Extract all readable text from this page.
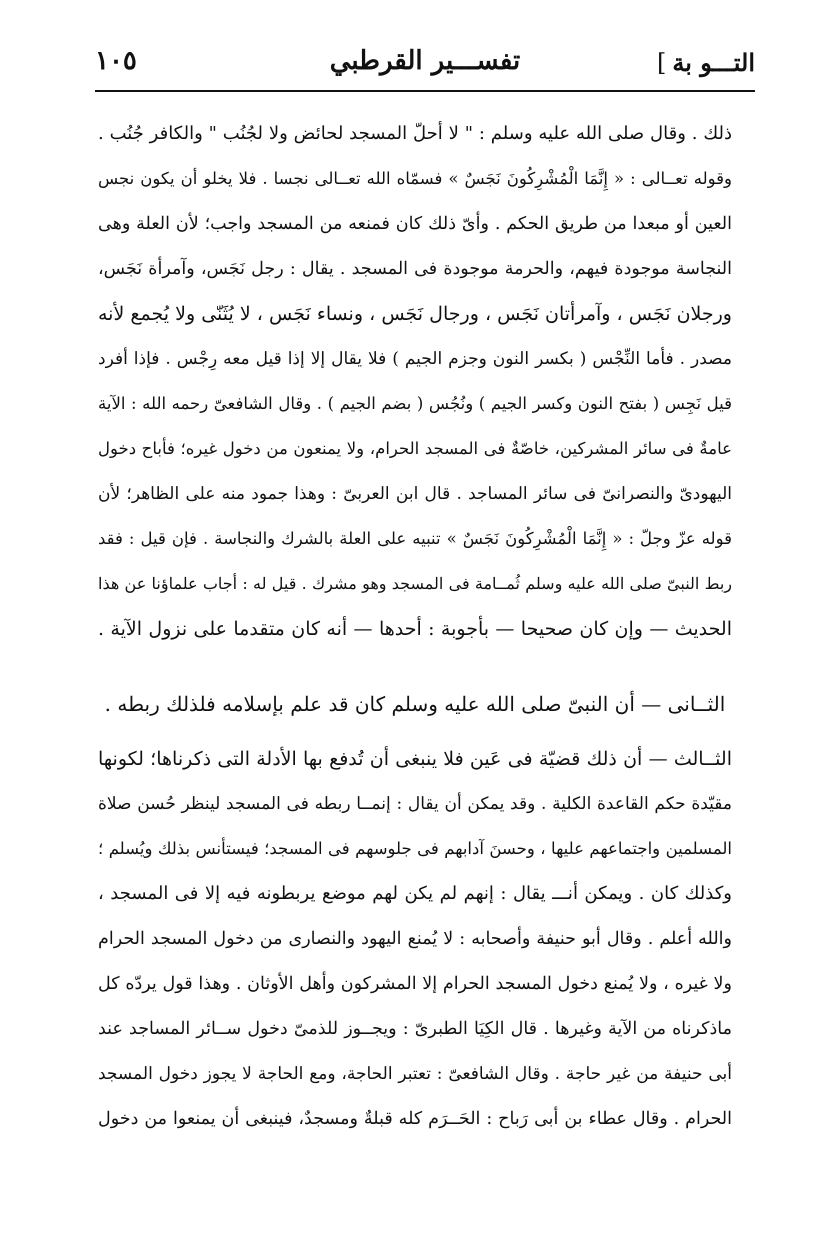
التـــو بة]
تفســـير القرطبي
١٠٥
ذلك . وقال صلى الله عليه وسلم : " لا أحلّ المسجد لحائض ولا لجُنُب " والكافر جُنُب .
وقوله تعــالى : « إِنَّمَا الْمُشْرِكُونَ نَجَسٌ » فسمّاه الله تعــالى نجسا . فلا يخلو أن يكون نجس
العين أو مبعدا من طريق الحكم . وأىّ ذلك كان فمنعه من المسجد واجب؛ لأن العلة وهى
النجاسة موجودة فيهم، والحرمة موجودة فى المسجد . يقال : رجل نَجَس، وآمرأة نَجَس،
ورجلان نَجَس ، وآمرأتان نَجَس ، ورجال نَجَس ، ونساء نَجَس ، لا يُثَنّى ولا يُجمع لأنه
مصدر . فأما النِّجْس ( بكسر النون وجزم الجيم ) فلا يقال إلا إذا قيل معه رِجْس . فإذا أفرد
قيل نَجِس ( بفتح النون وكسر الجيم ) ونُجُس ( بضم الجيم ) . وقال الشافعىّ رحمه الله : الآية
عامةٌ فى سائر المشركين، خاصّةٌ فى المسجد الحرام، ولا يمنعون من دخول غيره؛ فأباح دخول
اليهودىّ والنصرانىّ فى سائر المساجد . قال ابن العربىّ : وهذا جمود منه على الظاهر؛ لأن
قوله عزّ وجلّ : « إِنَّمَا الْمُشْرِكُونَ نَجَسٌ » تنبيه على العلة بالشرك والنجاسة . فإن قيل : فقد
ربط النبىّ صلى الله عليه وسلم ثُمــامة فى المسجد وهو مشرك . قيل له : أجاب علماؤنا عن هذا
الحديث — وإن كان صحيحا — بأجوبة : أحدها — أنه كان متقدما على نزول الآية .
الثــانى — أن النبىّ صلى الله عليه وسلم كان قد علم بإسلامه فلذلك ربطه .
الثــالث — أن ذلك قضيّة فى عَين فلا ينبغى أن تُدفع بها الأدلة التى ذكرناها؛ لكونها
مقيّدة حكم القاعدة الكلية . وقد يمكن أن يقال : إنمــا ربطه فى المسجد لينظر حُسن صلاة
المسلمين واجتماعهم عليها ، وحسنَ آدابهم فى جلوسهم فى المسجد؛ فيستأنس بذلك ويُسلم ؛
وكذلك كان . ويمكن أنـــ يقال : إنهم لم يكن لهم موضع يربطونه فيه إلا فى المسجد ،
والله أعلم . وقال أبو حنيفة وأصحابه : لا يُمنع اليهود والنصارى من دخول المسجد الحرام
ولا غيره ، ولا يُمنع دخول المسجد الحرام إلا المشركون وأهل الأوثان . وهذا قول يردّه كل
ماذكرناه من الآية وغيرها . قال الكِيَا الطبرىّ : ويجــوز للذمىّ دخول ســائر المساجد عند
أبى حنيفة من غير حاجة . وقال الشافعىّ : تعتبر الحاجة، ومع الحاجة لا يجوز دخول المسجد
الحرام . وقال عطاء بن أبى رَباح : الحَــرَم كله قبلةٌ ومسجدٌ، فينبغى أن يمنعوا من دخول
